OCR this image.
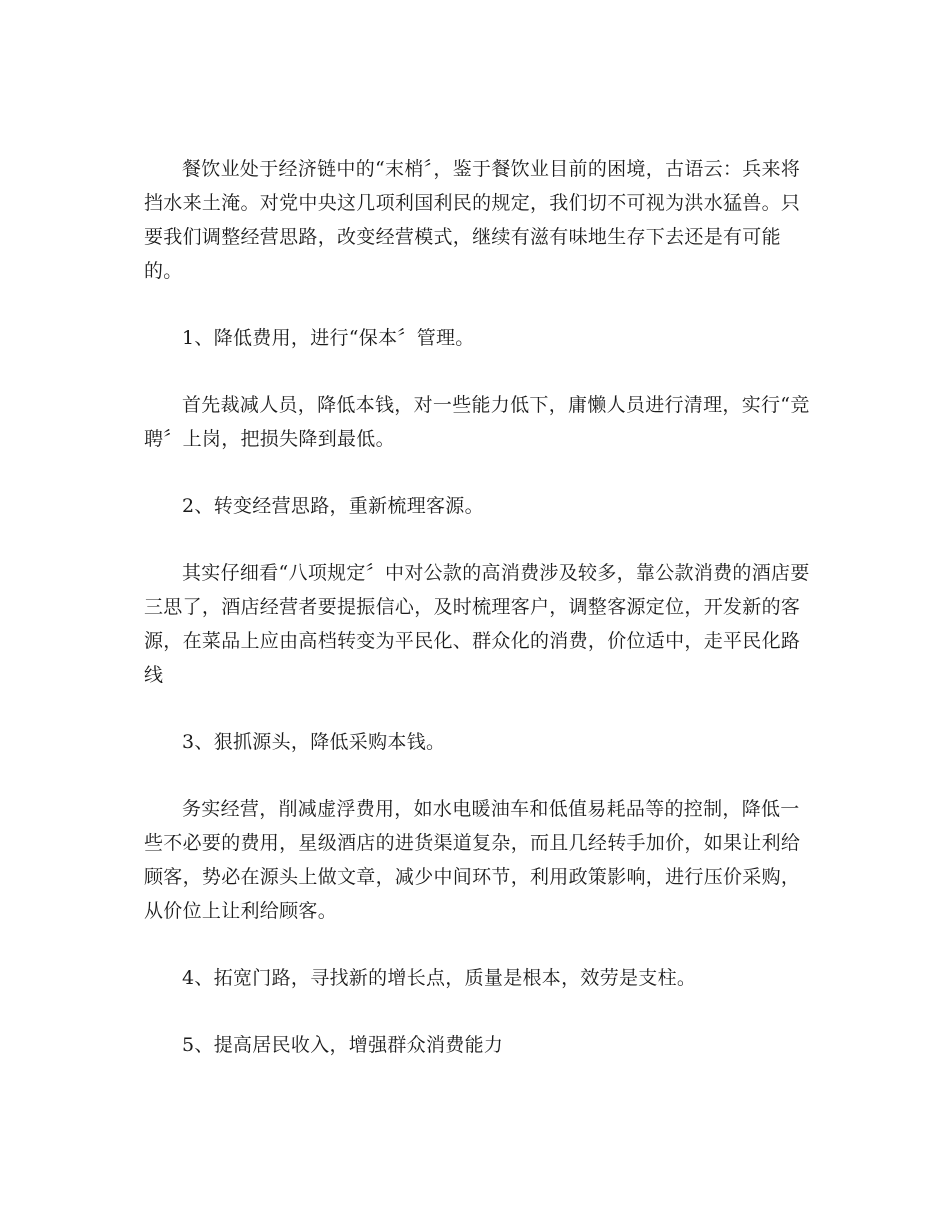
餐饮业处于经济链中的“末梢〞，鉴于餐饮业目前的困境，古语云：兵来将挡水来土淹。对党中央这几项利国利民的规定，我们切不可视为洪水猛兽。只要我们调整经营思路，改变经营模式，继续有滋有味地生存下去还是有可能的。

1、降低费用，进行“保本〞管理。

首先裁减人员，降低本钱，对一些能力低下，庸懒人员进行清理，实行“竞聘〞上岗，把损失降到最低。

2、转变经营思路，重新梳理客源。

其实仔细看“八项规定〞中对公款的高消费涉及较多，靠公款消费的酒店要三思了，酒店经营者要提振信心，及时梳理客户，调整客源定位，开发新的客源，在菜品上应由高档转变为平民化、群众化的消费，价位适中，走平民化路线

3、狠抓源头，降低采购本钱。

务实经营，削减虚浮费用，如水电暖油车和低值易耗品等的控制，降低一些不必要的费用，星级酒店的进货渠道复杂，而且几经转手加价，如果让利给顾客，势必在源头上做文章，减少中间环节，利用政策影响，进行压价采购，从价位上让利给顾客。

4、拓宽门路，寻找新的增长点，质量是根本，效劳是支柱。

5、提高居民收入，增强群众消费能力
